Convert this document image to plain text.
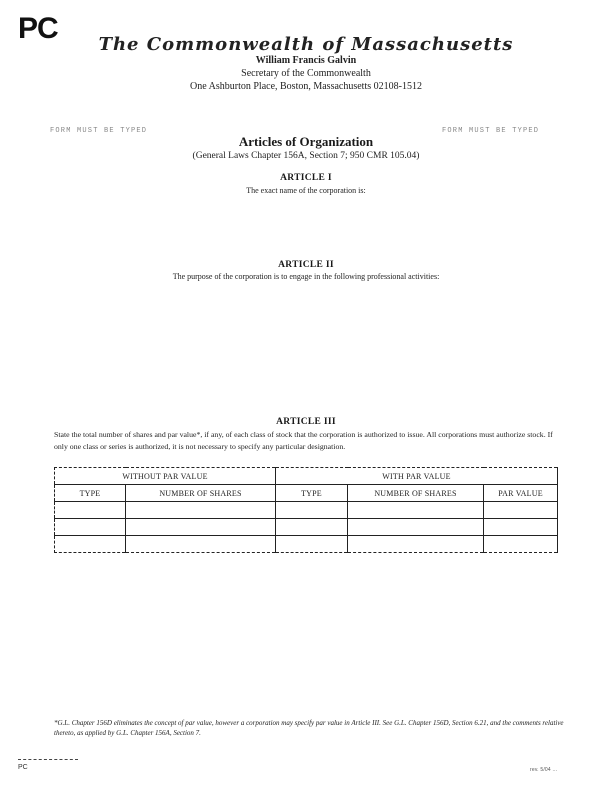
PC	The Commonwealth of Massachusetts
William Francis Galvin
Secretary of the Commonwealth
One Ashburton Place, Boston, Massachusetts 02108-1512
FORM MUST BE TYPED	FORM MUST BE TYPED
Articles of Organization
(General Laws Chapter 156A, Section 7; 950 CMR 105.04)
ARTICLE I
The exact name of the corporation is:
ARTICLE II
The purpose of the corporation is to engage in the following professional activities:
ARTICLE III
State the total number of shares and par value*, if any, of each class of stock that the corporation is authorized to issue. All corporations must authorize stock. If only one class or series is authorized, it is not necessary to specify any particular designation.
WITHOUT PAR VALUE		WITH PAR VALUE		
TYPE	NUMBER OF SHARES	TYPE	NUMBER OF SHARES	PAR VALUE

*G.L. Chapter 156D eliminates the concept of par value, however a corporation may specify par value in Article III. See G.L. Chapter 156D, Section 6.21, and the comments relative thereto, as applied by G.L. Chapter 156A, Section 7.
PC	rev. 5/04 ...
